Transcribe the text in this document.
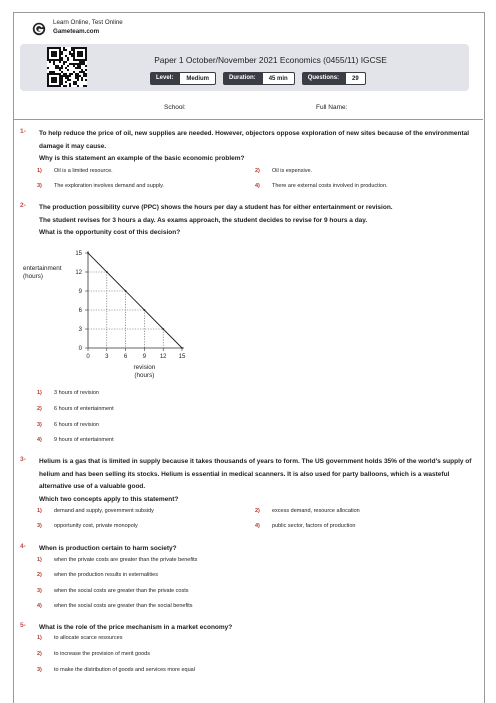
Learn Online, Test Online
Gameteam.com
Paper 1 October/November 2021 Economics (0455/11) IGCSE
Level:	Medium	Duration:	45 min	Questions:	29
School:	Full Name:
1- To help reduce the price of oil, new supplies are needed. However, objectors oppose exploration of new sites because of the environmental damage it may cause.
Why is this statement an example of the basic economic problem?
1) Oil is a limited resource.	2) Oil is expensive.
3) The exploration involves demand and supply.	4) There are external costs involved in production.
2- The production possibility curve (PPC) shows the hours per day a student has for either entertainment or revision.
The student revises for 3 hours a day. As exams approach, the student decides to revise for 9 hours a day.
What is the opportunity cost of this decision?
0
3
6
9
12
15
0	3	6	9 12 15
entertainment
(hours)
revision
(hours)
1) 3 hours of revision
2) 6 hours of entertainment
3) 6 hours of revision
4) 9 hours of entertainment
3- Helium is a gas that is limited in supply because it takes thousands of years to form. The US government holds 35% of the world's supply of helium and has been selling its stocks. Helium is essential in medical scanners. It is also used for party balloons, which is a wasteful alternative use of a valuable good.
Which two concepts apply to this statement?
1) demand and supply, government subsidy	2) excess demand, resource allocation
3) opportunity cost, private monopoly	4) public sector, factors of production
4- When is production certain to harm society?
1) when the private costs are greater than the private benefits
2) when the production results in externalities
3) when the social costs are greater than the private costs
4) when the social costs are greater than the social benefits
5- What is the role of the price mechanism in a market economy?
1) to allocate scarce resources
2) to increase the provision of merit goods
3) to make the distribution of goods and services more equal
